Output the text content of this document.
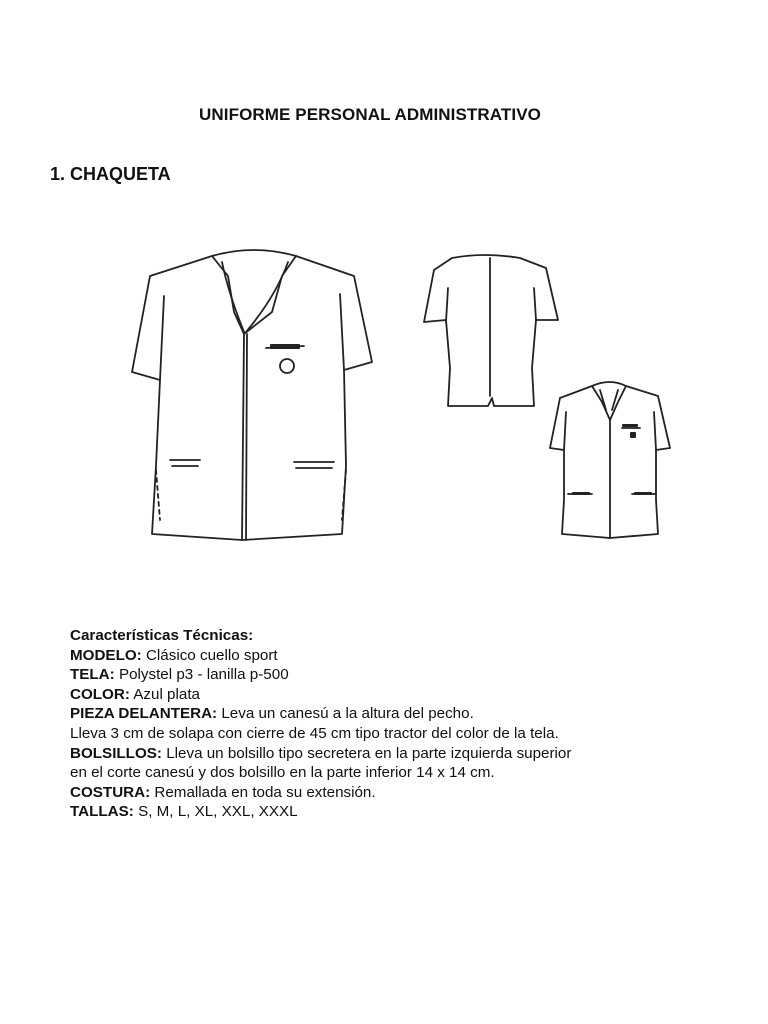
UNIFORME PERSONAL ADMINISTRATIVO
1. CHAQUETA
Características Técnicas:
MODELO: Clásico cuello sport
TELA: Polystel p3 - lanilla p-500
COLOR: Azul plata
PIEZA DELANTERA: Leva un canesú a la altura del pecho.
Lleva 3 cm de solapa con cierre de 45 cm tipo tractor del color de la tela.
BOLSILLOS: Lleva un bolsillo tipo secretera en la parte izquierda superior
en el corte canesú y dos bolsillo en la parte inferior 14 x 14 cm.
COSTURA: Remallada en toda su extensión.
TALLAS: S, M, L, XL, XXL, XXXL
